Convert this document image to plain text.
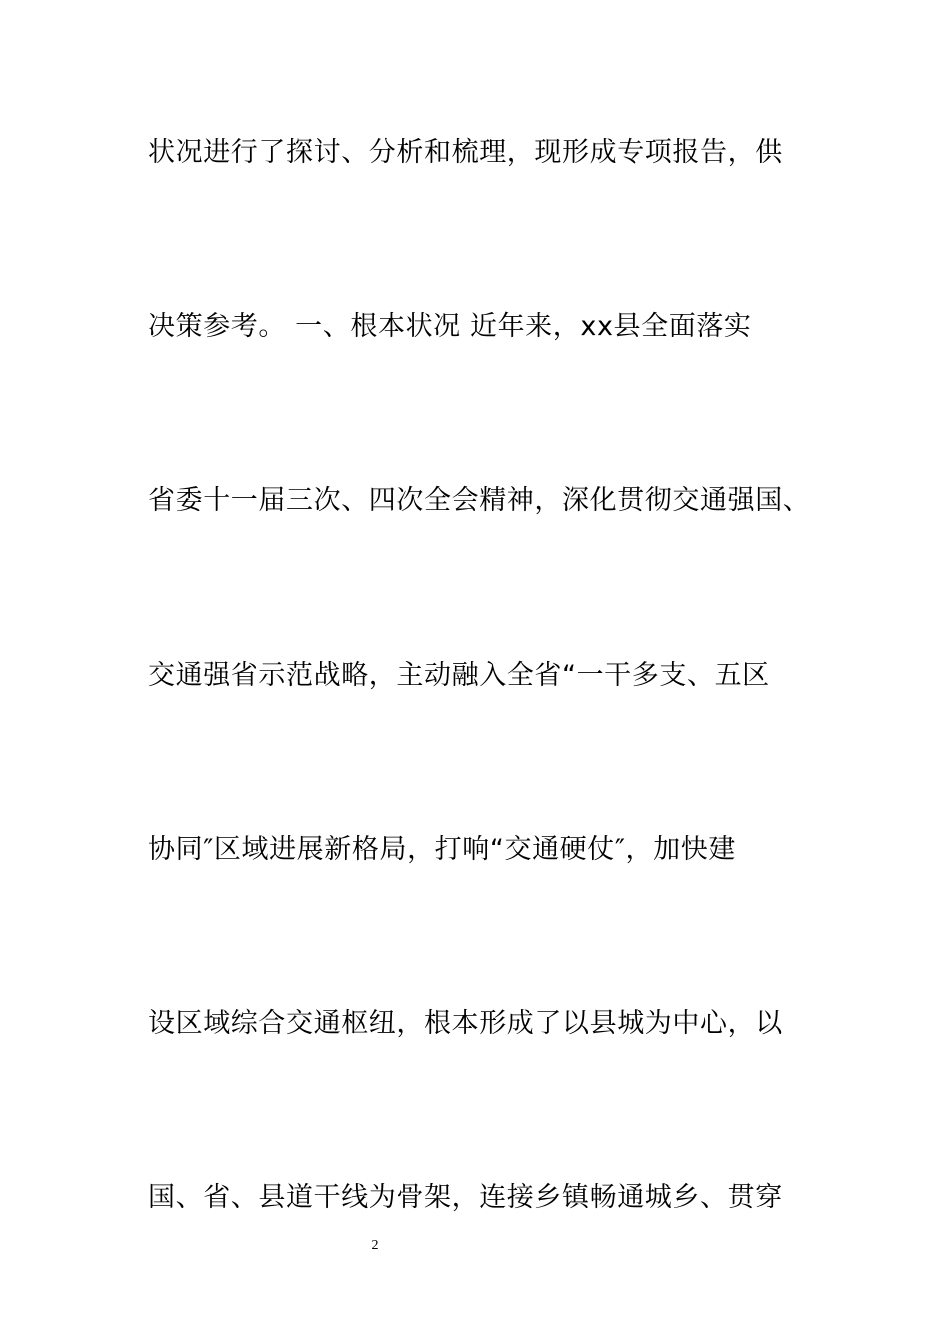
状况进行了探讨、分析和梳理，现形成专项报告，供
决策参考。 一、根本状况 近年来，xx县全面落实
省委十一届三次、四次全会精神，深化贯彻交通强国、
交通强省示范战略，主动融入全省“一干多支、五区
协同″区域进展新格局，打响“交通硬仗″，加快建
设区域综合交通枢纽，根本形成了以县城为中心，以
国、省、县道干线为骨架，连接乡镇畅通城乡、贯穿
2
